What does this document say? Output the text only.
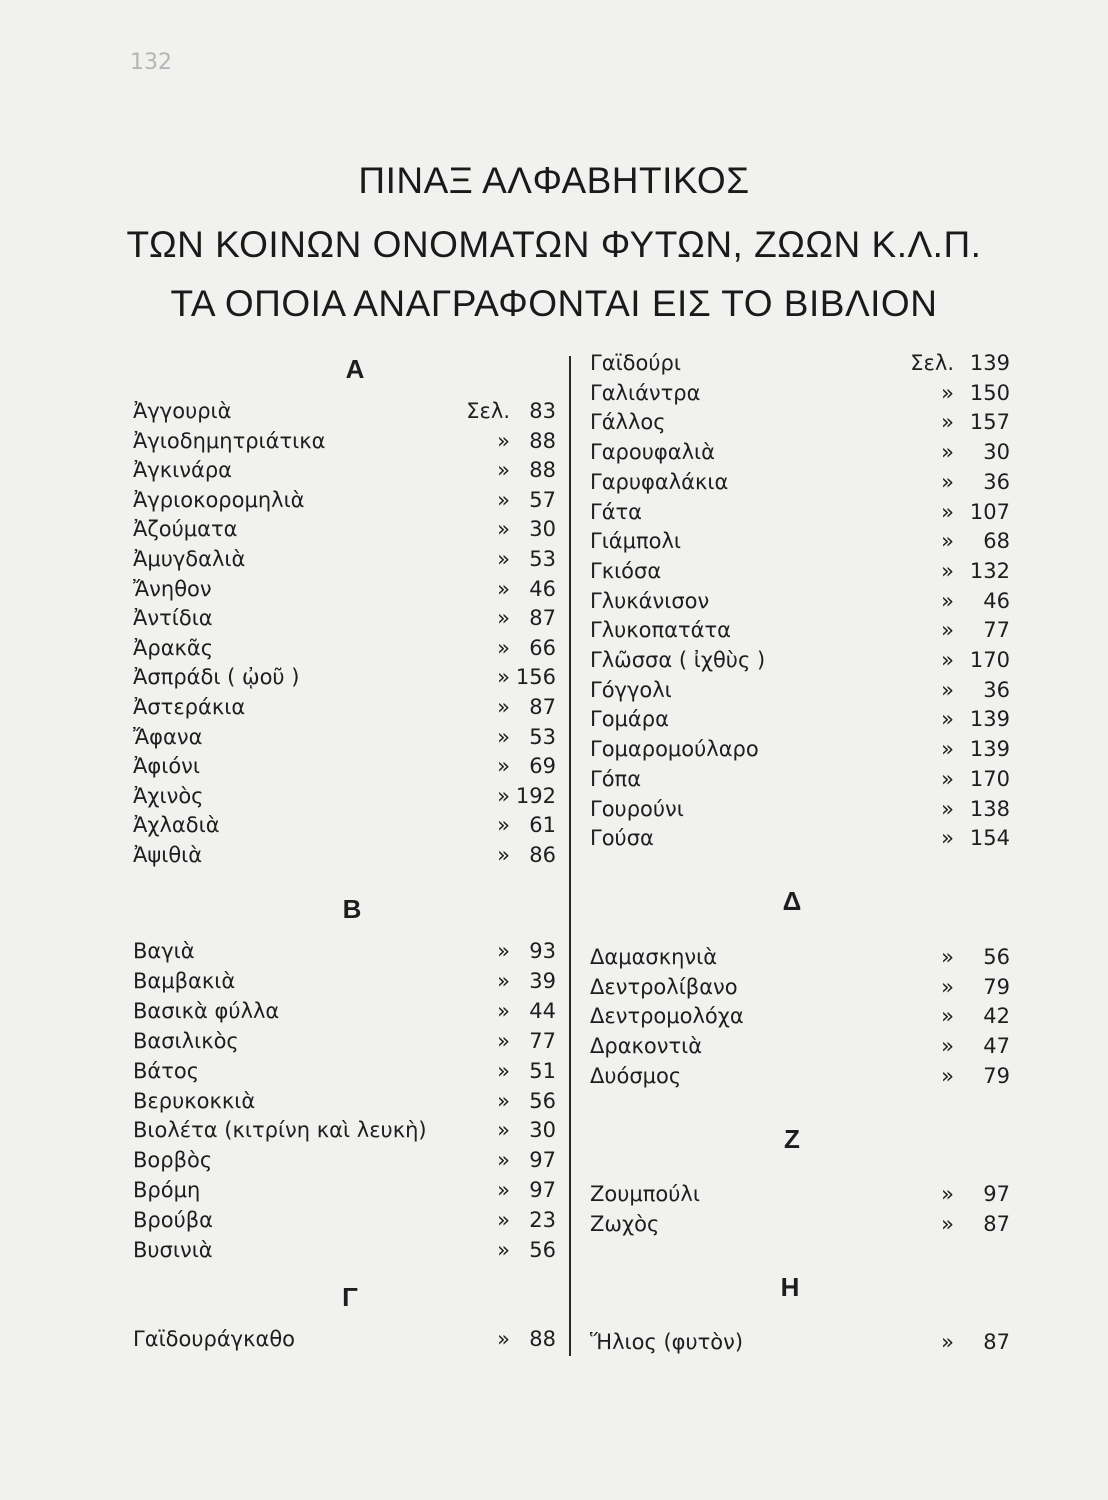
132
ΠΙΝΑΞ ΑΛΦΑΒΗΤΙΚΟΣ
ΤΩΝ ΚΟΙΝΩΝ ΟΝΟΜΑΤΩΝ ΦΥΤΩΝ, ΖΩΩΝ Κ.Λ.Π.
ΤΑ ΟΠΟΙΑ ΑΝΑΓΡΑΦΟΝΤΑΙ ΕΙΣ ΤΟ ΒΙΒΛΙΟΝ
Α
Β
Γ
Δ
Ζ
Η
Ἀγγουριὰ	Σελ. 83
Ἀγιοδημητριάτικα	» 88
Ἀγκινάρα	» 88
Ἀγριοκορομηλιὰ	» 57
Ἀζούματα	» 30
Ἀμυγδαλιὰ	» 53
Ἄνηθον	» 46
Ἀντίδια	» 87
Ἀρακᾶς	» 66
Ἀσπράδι ( ᾠοῦ )	» 156
Ἀστεράκια	» 87
Ἄφανα	» 53
Ἀφιόνι	» 69
Ἀχινὸς	» 192
Ἀχλαδιὰ	» 61
Ἀψιθιὰ	» 86
Βαγιὰ	» 93
Βαμβακιὰ	» 39
Βασικὰ φύλλα	» 44
Βασιλικὸς	» 77
Βάτος	» 51
Βερυκοκκιὰ	» 56
Βιολέτα (κιτρίνη καὶ λευκὴ)	» 30
Βορβὸς	» 97
Βρόμη	» 97
Βρούβα	» 23
Βυσινιὰ	» 56
Γαϊδουράγκαθο	» 88
Γαϊδούρι	Σελ. 139
Γαλιάντρα	» 150
Γάλλος	» 157
Γαρουφαλιὰ	» 30
Γαρυφαλάκια	» 36
Γάτα	» 107
Γιάμπολι	» 68
Γκιόσα	» 132
Γλυκάνισον	» 46
Γλυκοπατάτα	» 77
Γλῶσσα ( ἰχθὺς )	» 170
Γόγγολι	» 36
Γομάρα	» 139
Γομαρομούλαρο	» 139
Γόπα	» 170
Γουρούνι	» 138
Γούσα	» 154
Δαμασκηνιὰ	» 56
Δεντρολίβανο	» 79
Δεντρομολόχα	» 42
Δρακοντιὰ	» 47
Δυόσμος	» 79
Ζουμπούλι	» 97
Ζωχὸς	» 87
Ἥλιος (φυτὸν)	» 87
